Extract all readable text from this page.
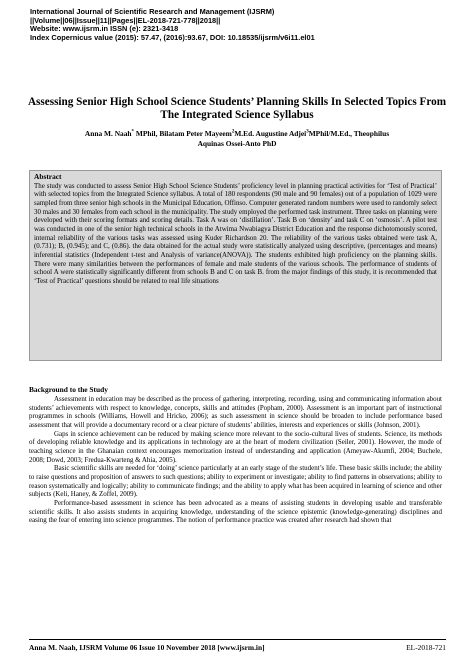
International Journal of Scientific Research and Management (IJSRM)
||Volume||06||Issue||11||Pages||EL-2018-721-778||2018||
Website: www.ijsrm.in ISSN (e): 2321-3418
Index Copernicus value (2015): 57.47, (2016):93.67, DOI: 10.18535/ijsrm/v6i11.el01
Assessing Senior High School Science Students’ Planning Skills In Selected Topics From The Integrated Science Syllabus
Anna M. Naah* MPhil, Bilatam Peter Mayeem$^2$M.Ed. Augustine Adjei$^3$MPhil/M.Ed., Theophilus
Aquinas Ossei-Anto PhD
Abstract

The study was conducted to assess Senior High School Science Students’ proficiency level in planning practical activities for ‘Test of Practical’ with selected topics from the Integrated Science syllabus. A total of 180 respondents (90 male and 90 females) out of a population of 1029 were sampled from three senior high schools in the Municipal Education, Offinso. Computer generated random numbers were used to randomly select 30 males and 30 females from each school in the municipality. The study employed the performed task instrument. Three tasks on planning were developed with their scoring formats and scoring details. Task A was on ‘distillation’. Task B on ‘density’ and task C on ‘osmosis’. A pilot test was conducted in one of the senior high technical schools in the Atwima Nwabiagya District Education and the response dichotomously scored, internal reliability of the various tasks was assessed using Kuder Richardson 20. The reliability of the various tasks obtained were task A, (0.731); B, (0.945); and C, (0.86). the data obtained for the actual study were statistically analyzed using descriptive, (percentages and means) inferential statistics (Independent t-test and Analysis of variance(ANOVA)). The students exhibited high proficiency on the planning skills. There were many similarities between the performances of female and male students of the various schools. The performance of students of school A were statistically significantly different from schools B and C on task B. from the major findings of this study, it is recommended that ‘Test of Practical’ questions should be related to real life situations

Background to the Study

Assessment in education may be described as the process of gathering, interpreting, recording, using and communicating information about students’ achievements with respect to knowledge, concepts, skills and attitudes (Popham, 2000). Assessment is an important part of instructional programmes in schools (Williams, Howell and Hricko, 2006); as such assessment in science should be broaden to include performance based assessment that will provide a documentary record or a clear picture of students’ abilities, interests and experiences or skills (Johnson, 2001).

Gaps in science achievement can be reduced by making science more relevant to the socio-cultural lives of students. Science, its methods of developing reliable knowledge and its applications in technology are at the heart of modern civilization (Seiler, 2001). However, the mode of teaching science in the Ghanaian context encourages memorization instead of understanding and application (Ameyaw-Akumfi, 2004; Buchele, 2008; Dowd, 2003; Fredua-Kwarteng & Ahia, 2005).

Basic scientific skills are needed for ‘doing’ science particularly at an early stage of the student’s life. These basic skills include; the ability to raise questions and proposition of answers to such questions; ability to experiment or investigate; ability to find patterns in observations; ability to reason systematically and logically; ability to communicate findings; and the ability to apply what has been acquired in learning of science and other subjects (Keli, Haney, & Zoffel, 2009).

Performance-based assessment in science has been advocated as a means of assisting students in developing usable and transferable scientific skills. It also assists students in acquiring knowledge, understanding of the science epistemic (knowledge-generating) disciplines and easing the fear of entering into science programmes. The notion of performance practice was created after research had shown that

Anna M. Naah, IJSRM Volume 06 Issue 10 November 2018 [www.ijsrm.in]	EL-2018-721
